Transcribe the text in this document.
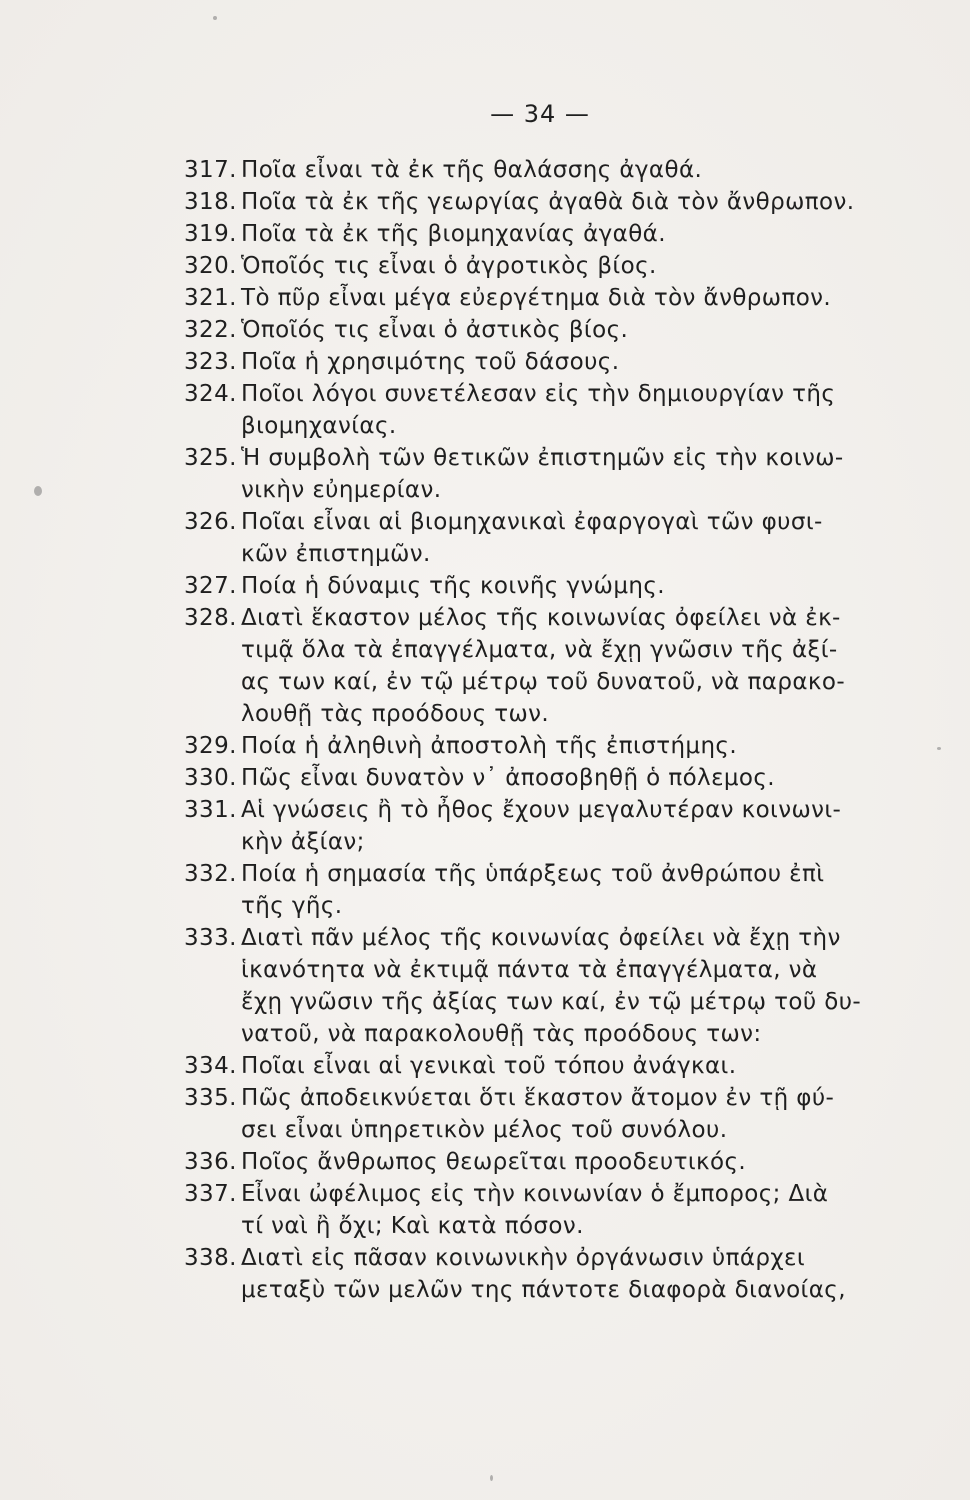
— 34 —
317. Ποῖα εἶναι τὰ ἐκ τῆς θαλάσσης ἀγαθά.
318. Ποῖα τὰ ἐκ τῆς γεωργίας ἀγαθὰ διὰ τὸν ἄνθρωπον.
319. Ποῖα τὰ ἐκ τῆς βιομηχανίας ἀγαθά.
320. Ὁποῖός τις εἶναι ὁ ἀγροτικὸς βίος.
321. Τὸ πῦρ εἶναι μέγα εὐεργέτημα διὰ τὸν ἄνθρωπον.
322. Ὁποῖός τις εἶναι ὁ ἀστικὸς βίος.
323. Ποῖα ἡ χρησιμότης τοῦ δάσους.
324. Ποῖοι λόγοι συνετέλεσαν εἰς τὴν δημιουργίαν τῆς
βιομηχανίας.
325. Ἡ συμβολὴ τῶν θετικῶν ἐπιστημῶν εἰς τὴν κοινω-
νικὴν εὐημερίαν.
326. Ποῖαι εἶναι αἱ βιομηχανικαὶ ἐφαργογαὶ τῶν φυσι-
κῶν ἐπιστημῶν.
327. Ποία ἡ δύναμις τῆς κοινῆς γνώμης.
328. Διατὶ ἕκαστον μέλος τῆς κοινωνίας ὀφείλει νὰ ἐκ-
τιμᾷ ὅλα τὰ ἐπαγγέλματα, νὰ ἔχῃ γνῶσιν τῆς ἀξί-
ας των καί, ἐν τῷ μέτρῳ τοῦ δυνατοῦ, νὰ παρακο-
λουθῇ τὰς προόδους των.
329. Ποία ἡ ἀληθινὴ ἀποστολὴ τῆς ἐπιστήμης.
330. Πῶς εἶναι δυνατὸν ν᾽ ἀποσοβηθῇ ὁ πόλεμος.
331. Αἱ γνώσεις ἢ τὸ ἦθος ἔχουν μεγαλυτέραν κοινωνι-
κὴν ἀξίαν;
332. Ποία ἡ σημασία τῆς ὑπάρξεως τοῦ ἀνθρώπου ἐπὶ
τῆς γῆς.
333. Διατὶ πᾶν μέλος τῆς κοινωνίας ὀφείλει νὰ ἔχῃ τὴν
ἱκανότητα νὰ ἐκτιμᾷ πάντα τὰ ἐπαγγέλματα, νὰ
ἔχῃ γνῶσιν τῆς ἀξίας των καί, ἐν τῷ μέτρῳ τοῦ δυ-
νατοῦ, νὰ παρακολουθῇ τὰς προόδους των:
334. Ποῖαι εἶναι αἱ γενικαὶ τοῦ τόπου ἀνάγκαι.
335. Πῶς ἀποδεικνύεται ὅτι ἕκαστον ἄτομον ἐν τῇ φύ-
σει εἶναι ὑπηρετικὸν μέλος τοῦ συνόλου.
336. Ποῖος ἄνθρωπος θεωρεῖται προοδευτικός.
337. Εἶναι ὠφέλιμος εἰς τὴν κοινωνίαν ὁ ἔμπορος; Διὰ
τί ναὶ ἢ ὄχι; Καὶ κατὰ πόσον.
338. Διατὶ εἰς πᾶσαν κοινωνικὴν ὀργάνωσιν ὑπάρχει
μεταξὺ τῶν μελῶν της πάντοτε διαφορὰ διανοίας,
